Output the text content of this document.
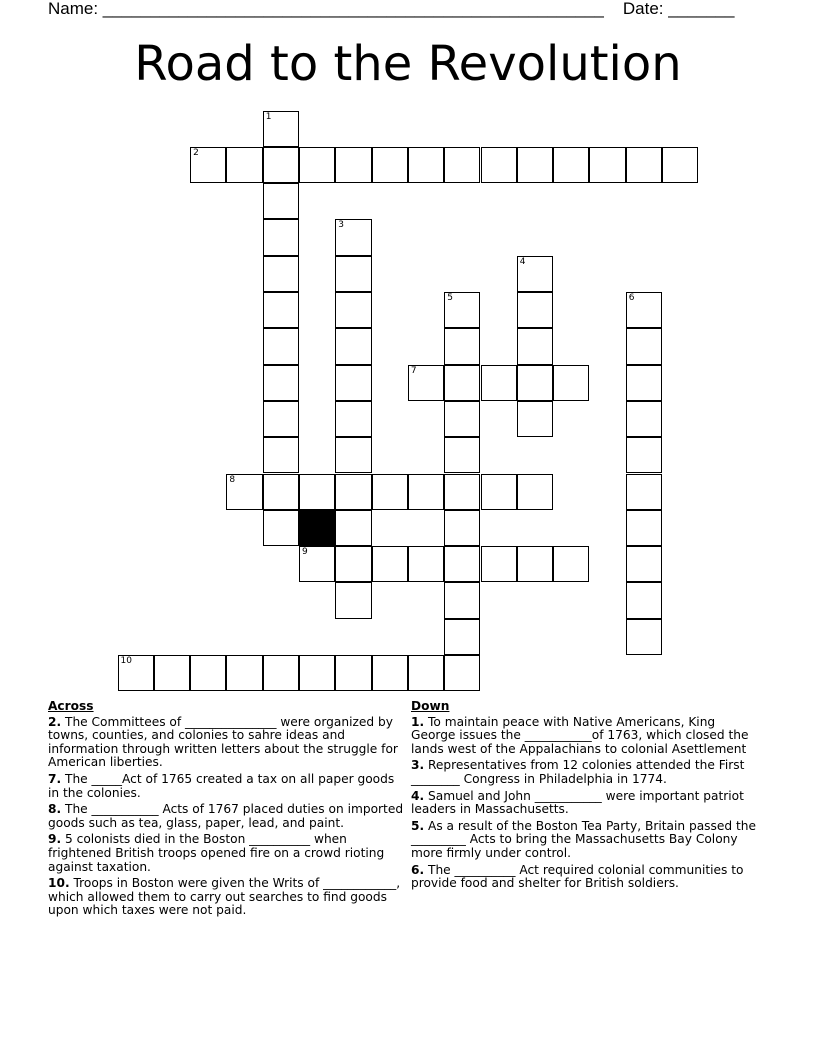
Name: _____________________________________________________ Date: _______
Road to the Revolution
1
2
3
4
5	6
7
8
9
10
Across
2. The Committees of _______________ were organized by towns, counties, and colonies to sahre ideas and information through written letters about the struggle for American liberties.
7. The _____Act of 1765 created a tax on all paper goods in the colonies.
8. The ___________ Acts of 1767 placed duties on imported goods such as tea, glass, paper, lead, and paint.
9. 5 colonists died in the Boston __________ when frightened British troops opened fire on a crowd rioting against taxation.
10. Troops in Boston were given the Writs of ____________, which allowed them to carry out searches to find goods upon which taxes were not paid.
Down
1. To maintain peace with Native Americans, King George issues the ___________of 1763, which closed the lands west of the Appalachians to colonial Asettlement
3. Representatives from 12 colonies attended the First ________ Congress in Philadelphia in 1774.
4. Samuel and John ___________ were important patriot leaders in Massachusetts.
5. As a result of the Boston Tea Party, Britain passed the _________ Acts to bring the Massachusetts Bay Colony more firmly under control.
6. The __________ Act required colonial communities to provide food and shelter for British soldiers.
